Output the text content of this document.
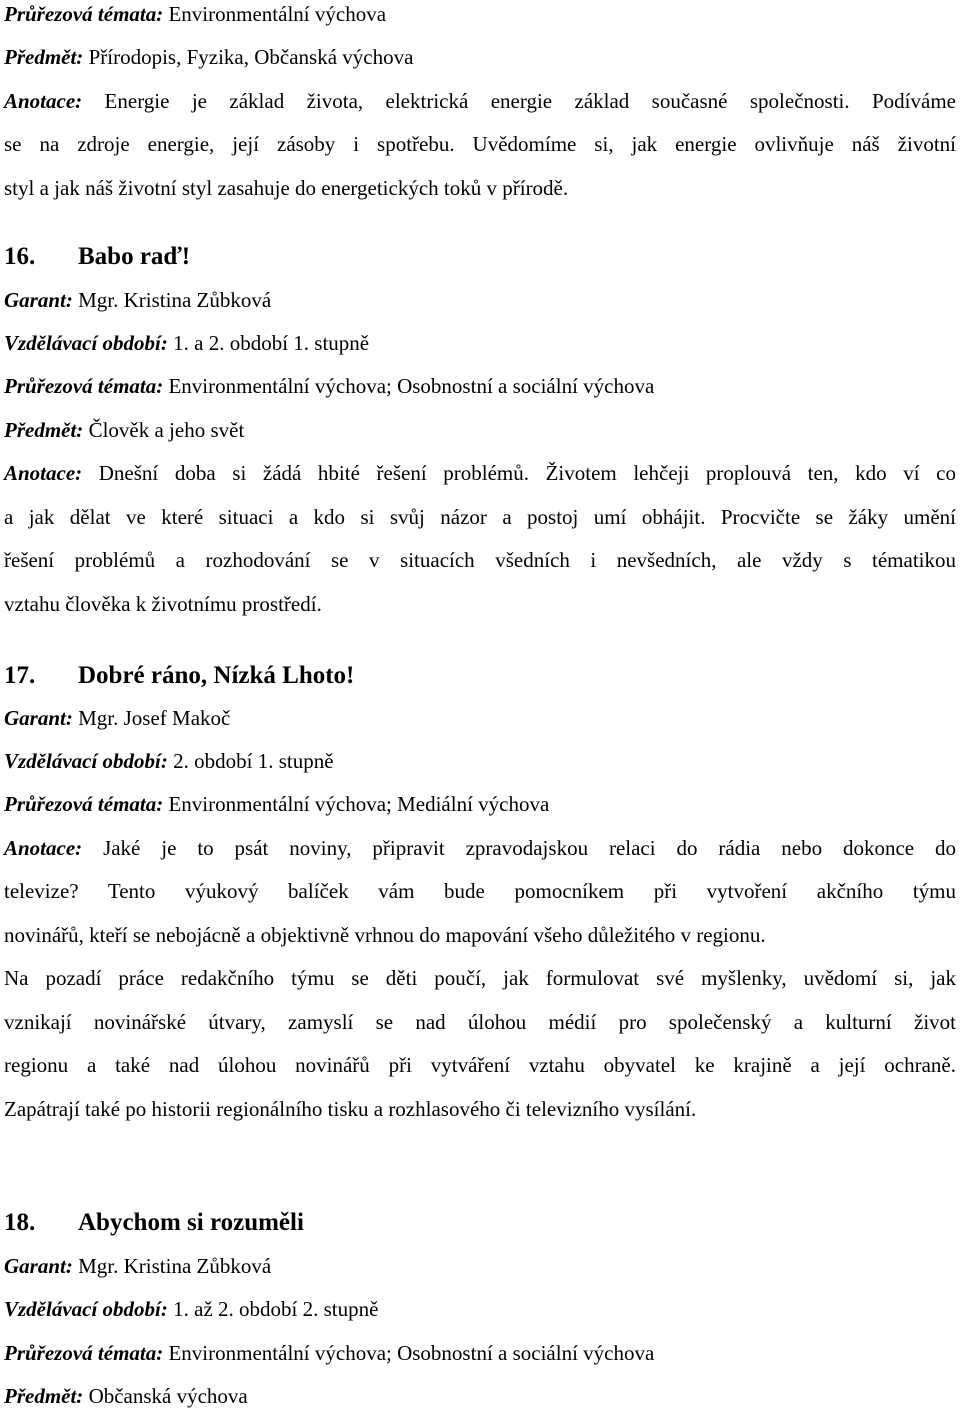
Průřezová témata: Environmentální výchova
Předmět: Přírodopis, Fyzika, Občanská výchova
Anotace: Energie je základ života, elektrická energie základ současné společnosti. Podíváme
se na zdroje energie, její zásoby i spotřebu. Uvědomíme si, jak energie ovlivňuje náš životní
styl a jak náš životní styl zasahuje do energetických toků v přírodě.
16. Babo raď!
Garant: Mgr. Kristina Zůbková
Vzdělávací období: 1. a 2. období 1. stupně
Průřezová témata: Environmentální výchova; Osobnostní a sociální výchova
Předmět: Člověk a jeho svět
Anotace: Dnešní doba si žádá hbité řešení problémů. Životem lehčeji proplouvá ten, kdo ví co
a jak dělat ve které situaci a kdo si svůj názor a postoj umí obhájit. Procvičte se žáky umění
řešení problémů a rozhodování se v situacích všedních i nevšedních, ale vždy s tématikou
vztahu člověka k životnímu prostředí.
17. Dobré ráno, Nízká Lhoto!
Garant: Mgr. Josef Makoč
Vzdělávací období: 2. období 1. stupně
Průřezová témata: Environmentální výchova; Mediální výchova
Anotace: Jaké je to psát noviny, připravit zpravodajskou relaci do rádia nebo dokonce do
televize? Tento výukový balíček vám bude pomocníkem při vytvoření akčního týmu
novinářů, kteří se nebojácně a objektivně vrhnou do mapování všeho důležitého v regionu.
Na pozadí práce redakčního týmu se děti poučí, jak formulovat své myšlenky, uvědomí si, jak
vznikají novinářské útvary, zamyslí se nad úlohou médií pro společenský a kulturní život
regionu a také nad úlohou novinářů při vytváření vztahu obyvatel ke krajině a její ochraně.
Zapátrají také po historii regionálního tisku a rozhlasového či televizního vysílání.
18. Abychom si rozuměli
Garant: Mgr. Kristina Zůbková
Vzdělávací období: 1. až 2. období 2. stupně
Průřezová témata: Environmentální výchova; Osobnostní a sociální výchova
Předmět: Občanská výchova
